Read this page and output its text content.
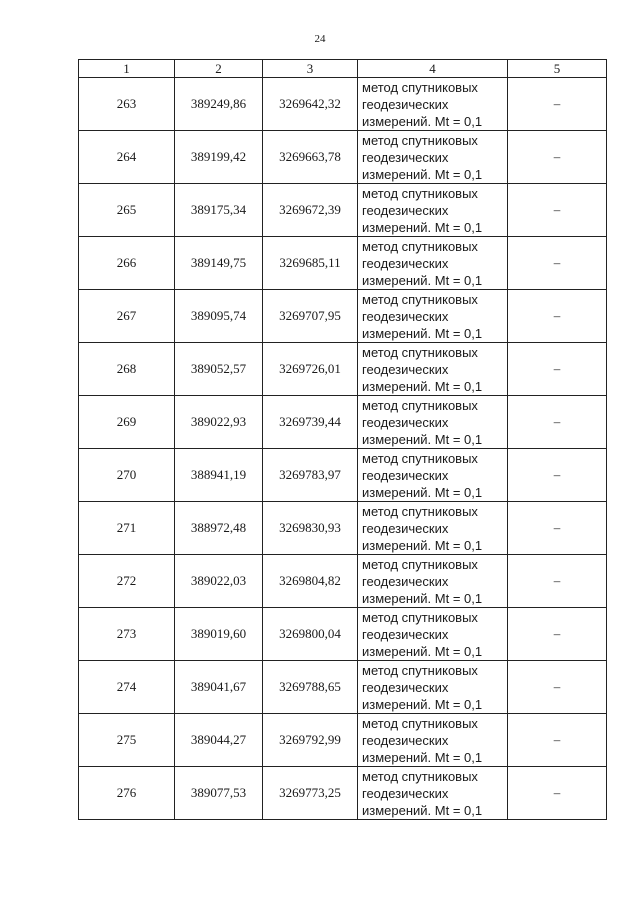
24
1	2	3	4	5
263	389249,86	3269642,32	метод спутниковых
геодезических
измерений. Mt = 0,1	–
264	389199,42	3269663,78	метод спутниковых
геодезических
измерений. Mt = 0,1	–
265	389175,34	3269672,39	метод спутниковых
геодезических
измерений. Mt = 0,1	–
266	389149,75	3269685,11	метод спутниковых
геодезических
измерений. Mt = 0,1	–
267	389095,74	3269707,95	метод спутниковых
геодезических
измерений. Mt = 0,1	–
268	389052,57	3269726,01	метод спутниковых
геодезических
измерений. Mt = 0,1	–
269	389022,93	3269739,44	метод спутниковых
геодезических
измерений. Mt = 0,1	–
270	388941,19	3269783,97	метод спутниковых
геодезических
измерений. Mt = 0,1	–
271	388972,48	3269830,93	метод спутниковых
геодезических
измерений. Mt = 0,1	–
272	389022,03	3269804,82	метод спутниковых
геодезических
измерений. Mt = 0,1	–
273	389019,60	3269800,04	метод спутниковых
геодезических
измерений. Mt = 0,1	–
274	389041,67	3269788,65	метод спутниковых
геодезических
измерений. Mt = 0,1	–
275	389044,27	3269792,99	метод спутниковых
геодезических
измерений. Mt = 0,1	–
276	389077,53	3269773,25	метод спутниковых
геодезических
измерений. Mt = 0,1	–
